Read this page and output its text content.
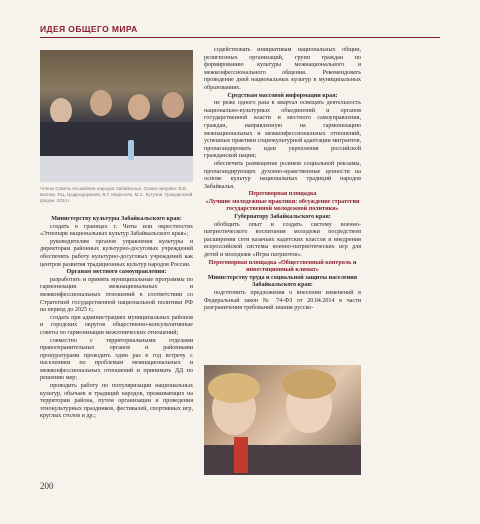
ИДЕЯ ОБЩЕГО МИРА
Члены Совета Ассамблеи народов Забайкалья. Слева направо: В.В. Вагнер, Р.Ц. Цыдендоржиев, В.Г. Маркосян, М.С. Кутузов. Гражданский форум. 2014 г.

Министерству культуры Забайкальского края:

создать в границах г. Читы или окрестностях «Этнопарк национальных культур Забайкальского края»;

руководителям органов управления культуры и директорам районных культурно-досуговых учреждений обеспечить работу культурно-досуговых учреждений как центров развития традиционных культур народов России.

Органам местного самоуправления:

разработать и принять муниципальные программы по гармонизации межнациональных и межконфессиональных отношений в соответствии со Стратегией государственной национальной политики РФ на период до 2025 г.;

создать при администрациях муниципальных районов и городских округов общественно-консультативные советы по гармонизации межэтнических отношений;

совместно с территориальными отделами правоохранительных органов и районными прокуратурами проводить один раз в год встречу с населением по проблемам межнациональных и межконфессиональных отношений и принимать ДД по решению мер;

проводить работу по популяризации национальных культур, обычаев и традиций народов, проживающих на территории района, путем организации и проведения этнокультурных праздников, фестивалей, спортивных игр, круглых столов и др.;

содействовать инициативам национальных общин, религиозных организаций, групп граждан по формированию культуры межнационального и межконфессионального общения. Рекомендовать проведение дней национальных культур в муниципальных образованиях.

Средствам массовой информации края:

не реже одного раза в квартал освещать деятельность национально-культурных объединений и органов государственной власти и местного самоуправления, граждан, направленную на гармонизацию межнациональных и межконфессиональных отношений, успешные практики социокультурной адаптации мигрантов, пропагандировать идеи укрепления российской гражданской нации;

обеспечить размещение роликов социальной рекламы, пропагандирующих духовно-нравственные ценности на основе культур национальных традиций народов Забайкалья.

Переговорная площадка

«Лучшие молодежные практики: обсуждение стратегии государственной молодежной политики»

Губернатору Забайкальского края:

обобщить опыт и создать систему военно-патриотического воспитания молодежи посредством расширения сети казачьих кадетских классов и внедрения всероссийской системы военно-патриотических игр для детей и молодежи «Игры патриотов».

Переговорная площадка «Общественный контроль и инвестиционный климат»

Министерству труда и социальной защиты населения Забайкальского края:

подготовить предложения о внесении изменений в Федеральный закон № 74-ФЗ от 20.04.2014 в части разграничения требований знания русско-

200
